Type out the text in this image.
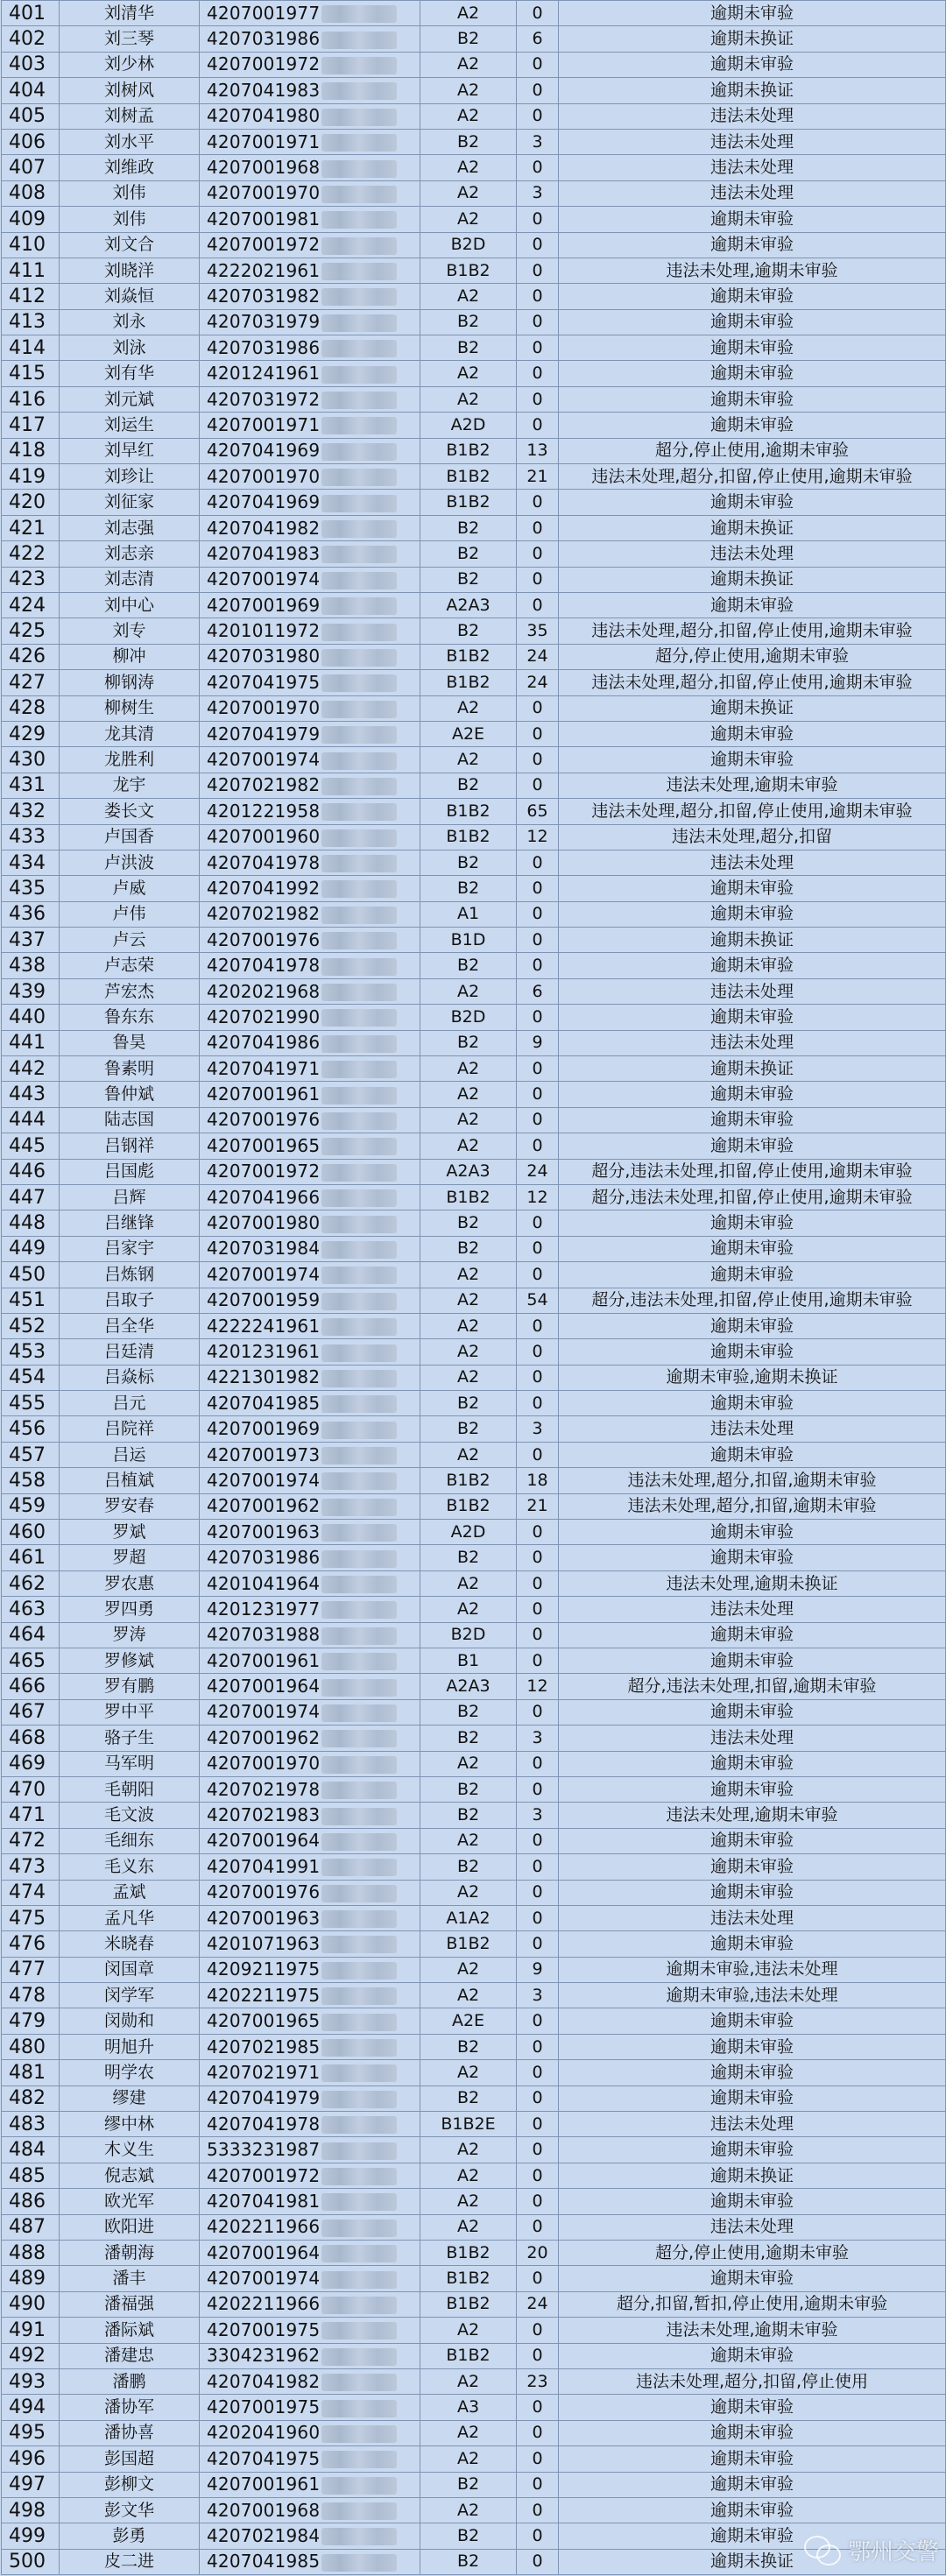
401	刘清华	4207001977	A2	0	逾期未审验
402	刘三琴	4207031986	B2	6	逾期未换证
403	刘少林	4207001972	A2	0	逾期未审验
404	刘树风	4207041983	A2	0	逾期未换证
405	刘树孟	4207041980	A2	0	违法未处理
406	刘水平	4207001971	B2	3	违法未处理
407	刘维政	4207001968	A2	0	违法未处理
408	刘伟	4207001970	A2	3	违法未处理
409	刘伟	4207001981	A2	0	逾期未审验
410	刘文合	4207001972	B2D	0	逾期未审验
411	刘晓洋	4222021961	B1B2	0	违法未处理,逾期未审验
412	刘焱恒	4207031982	A2	0	逾期未审验
413	刘永	4207031979	B2	0	逾期未审验
414	刘泳	4207031986	B2	0	逾期未审验
415	刘有华	4201241961	A2	0	逾期未审验
416	刘元斌	4207031972	A2	0	逾期未审验
417	刘运生	4207001971	A2D	0	逾期未审验
418	刘早红	4207041969	B1B2	13	超分,停止使用,逾期未审验
419	刘珍让	4207001970	B1B2	21	违法未处理,超分,扣留,停止使用,逾期未审验
420	刘征家	4207041969	B1B2	0	逾期未审验
421	刘志强	4207041982	B2	0	逾期未换证
422	刘志亲	4207041983	B2	0	违法未处理
423	刘志清	4207001974	B2	0	逾期未换证
424	刘中心	4207001969	A2A3	0	逾期未审验
425	刘专	4201011972	B2	35	违法未处理,超分,扣留,停止使用,逾期未审验
426	柳冲	4207031980	B1B2	24	超分,停止使用,逾期未审验
427	柳钢涛	4207041975	B1B2	24	违法未处理,超分,扣留,停止使用,逾期未审验
428	柳树生	4207001970	A2	0	逾期未换证
429	龙其清	4207041979	A2E	0	逾期未审验
430	龙胜利	4207001974	A2	0	逾期未审验
431	龙宇	4207021982	B2	0	违法未处理,逾期未审验
432	娄长文	4201221958	B1B2	65	违法未处理,超分,扣留,停止使用,逾期未审验
433	卢国香	4207001960	B1B2	12	违法未处理,超分,扣留
434	卢洪波	4207041978	B2	0	违法未处理
435	卢威	4207041992	B2	0	逾期未审验
436	卢伟	4207021982	A1	0	逾期未审验
437	卢云	4207001976	B1D	0	逾期未换证
438	卢志荣	4207041978	B2	0	逾期未审验
439	芦宏杰	4202021968	A2	6	违法未处理
440	鲁东东	4207021990	B2D	0	逾期未审验
441	鲁昊	4207041986	B2	9	违法未处理
442	鲁素明	4207041971	A2	0	逾期未换证
443	鲁仲斌	4207001961	A2	0	逾期未审验
444	陆志国	4207001976	A2	0	逾期未审验
445	吕钢祥	4207001965	A2	0	逾期未审验
446	吕国彪	4207001972	A2A3	24	超分,违法未处理,扣留,停止使用,逾期未审验
447	吕辉	4207041966	B1B2	12	超分,违法未处理,扣留,停止使用,逾期未审验
448	吕继锋	4207001980	B2	0	逾期未审验
449	吕家宇	4207031984	B2	0	逾期未审验
450	吕炼钢	4207001974	A2	0	逾期未审验
451	吕取子	4207001959	A2	54	超分,违法未处理,扣留,停止使用,逾期未审验
452	吕全华	4222241961	A2	0	逾期未审验
453	吕廷清	4201231961	A2	0	逾期未审验
454	吕焱标	4221301982	A2	0	逾期未审验,逾期未换证
455	吕元	4207041985	B2	0	逾期未审验
456	吕院祥	4207001969	B2	3	违法未处理
457	吕运	4207001973	A2	0	逾期未审验
458	吕植斌	4207001974	B1B2	18	违法未处理,超分,扣留,逾期未审验
459	罗安春	4207001962	B1B2	21	违法未处理,超分,扣留,逾期未审验
460	罗斌	4207001963	A2D	0	逾期未审验
461	罗超	4207031986	B2	0	逾期未审验
462	罗农惠	4201041964	A2	0	违法未处理,逾期未换证
463	罗四勇	4201231977	A2	0	违法未处理
464	罗涛	4207031988	B2D	0	逾期未审验
465	罗修斌	4207001961	B1	0	逾期未审验
466	罗有鹏	4207001964	A2A3	12	超分,违法未处理,扣留,逾期未审验
467	罗中平	4207001974	B2	0	逾期未审验
468	骆子生	4207001962	B2	3	违法未处理
469	马军明	4207001970	A2	0	逾期未审验
470	毛朝阳	4207021978	B2	0	逾期未审验
471	毛文波	4207021983	B2	3	违法未处理,逾期未审验
472	毛细东	4207001964	A2	0	逾期未审验
473	毛义东	4207041991	B2	0	逾期未审验
474	孟斌	4207001976	A2	0	逾期未审验
475	孟凡华	4207001963	A1A2	0	违法未处理
476	米晓春	4201071963	B1B2	0	逾期未审验
477	闵国章	4209211975	A2	9	逾期未审验,违法未处理
478	闵学军	4202211975	A2	3	逾期未审验,违法未处理
479	闵勋和	4207001965	A2E	0	逾期未审验
480	明旭升	4207021985	B2	0	逾期未审验
481	明学农	4207021971	A2	0	逾期未审验
482	缪建	4207041979	B2	0	逾期未审验
483	缪中林	4207041978	B1B2E	0	违法未处理
484	木义生	5333231987	A2	0	逾期未审验
485	倪志斌	4207001972	A2	0	逾期未换证
486	欧光军	4207041981	A2	0	逾期未审验
487	欧阳进	4202211966	A2	0	违法未处理
488	潘朝海	4207001964	B1B2	20	超分,停止使用,逾期未审验
489	潘丰	4207001974	B1B2	0	逾期未审验
490	潘福强	4202211966	B1B2	24	超分,扣留,暂扣,停止使用,逾期未审验
491	潘际斌	4207001975	A2	0	违法未处理,逾期未审验
492	潘建忠	3304231962	B1B2	0	逾期未审验
493	潘鹏	4207041982	A2	23	违法未处理,超分,扣留,停止使用
494	潘协军	4207001975	A3	0	逾期未审验
495	潘协喜	4202041960	A2	0	逾期未审验
496	彭国超	4207041975	A2	0	逾期未审验
497	彭柳文	4207001961	B2	0	逾期未审验
498	彭文华	4207001968	A2	0	逾期未审验
499	彭勇	4207021984	B2	0	逾期未审验
500	皮二进	4207041985	B2	0	逾期未换证 鄂州交警
